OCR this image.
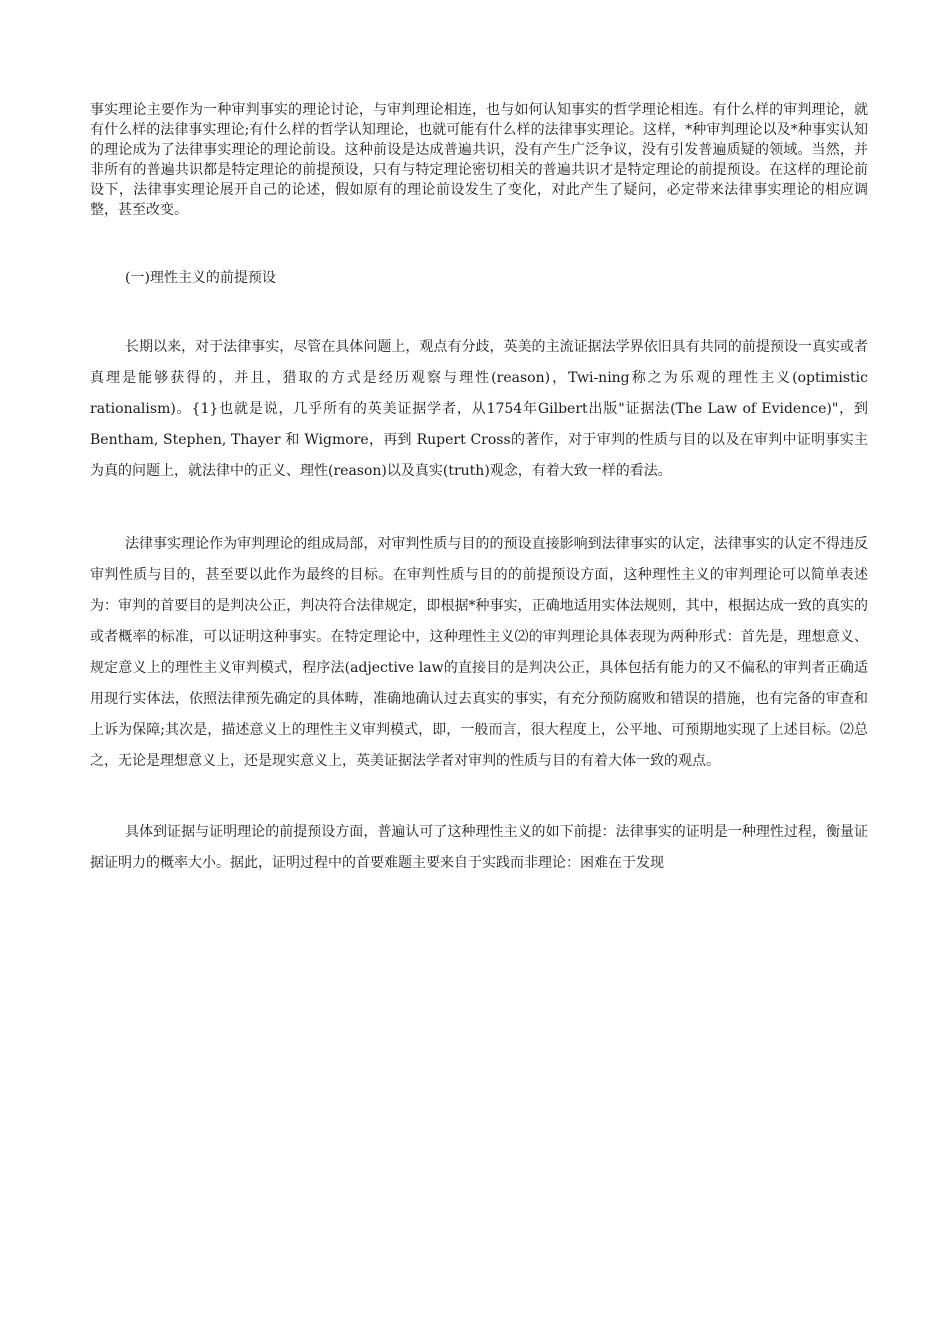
事实理论主要作为一种审判事实的理论讨论，与审判理论相连，也与如何认知事实的哲学理论相连。有什么样的审判理论，就有什么样的法律事实理论;有什么样的哲学认知理论，也就可能有什么样的法律事实理论。这样，*种审判理论以及*种事实认知的理论成为了法律事实理论的理论前设。这种前设是达成普遍共识，没有产生广泛争议，没有引发普遍质疑的领域。当然，并非所有的普遍共识都是特定理论的前提预设，只有与特定理论密切相关的普遍共识才是特定理论的前提预设。在这样的理论前设下，法律事实理论展开自己的论述，假如原有的理论前设发生了变化，对此产生了疑问，必定带来法律事实理论的相应调整，甚至改变。

(一)理性主义的前提预设

长期以来，对于法律事实，尽管在具体问题上，观点有分歧，英美的主流证据法学界依旧具有共同的前提预设一真实或者真理是能够获得的，并且，猎取的方式是经历观察与理性(reason)，Twi-ning称之为乐观的理性主义(optimistic rationalism)。{1}也就是说，几乎所有的英美证据学者，从1754年Gilbert出版"证据法(The Law of Evidence)"，到 Bentham, Stephen, Thayer 和 Wigmore，再到 Rupert Cross的著作，对于审判的性质与目的以及在审判中证明事实主为真的问题上，就法律中的正义、理性(reason)以及真实(truth)观念，有着大致一样的看法。

法律事实理论作为审判理论的组成局部，对审判性质与目的的预设直接影响到法律事实的认定，法律事实的认定不得违反审判性质与目的，甚至要以此作为最终的目标。在审判性质与目的的前提预设方面，这种理性主义的审判理论可以简单表述为：审判的首要目的是判决公正，判决符合法律规定，即根据*种事实，正确地适用实体法规则，其中，根据达成一致的真实的或者概率的标准，可以证明这种事实。在特定理论中，这种理性主义⑵的审判理论具体表现为两种形式：首先是，理想意义、规定意义上的理性主义审判模式，程序法(adjective law的直接目的是判决公正，具体包括有能力的又不偏私的审判者正确适用现行实体法，依照法律预先确定的具体畴，准确地确认过去真实的事实，有充分预防腐败和错误的措施，也有完备的审查和上诉为保障;其次是，描述意义上的理性主义审判模式，即，一般而言，很大程度上，公平地、可预期地实现了上述目标。⑵总之，无论是理想意义上，还是现实意义上，英美证据法学者对审判的性质与目的有着大体一致的观点。

具体到证据与证明理论的前提预设方面，普遍认可了这种理性主义的如下前提：法律事实的证明是一种理性过程，衡量证据证明力的概率大小。据此，证明过程中的首要难题主要来自于实践而非理论：困难在于发现
